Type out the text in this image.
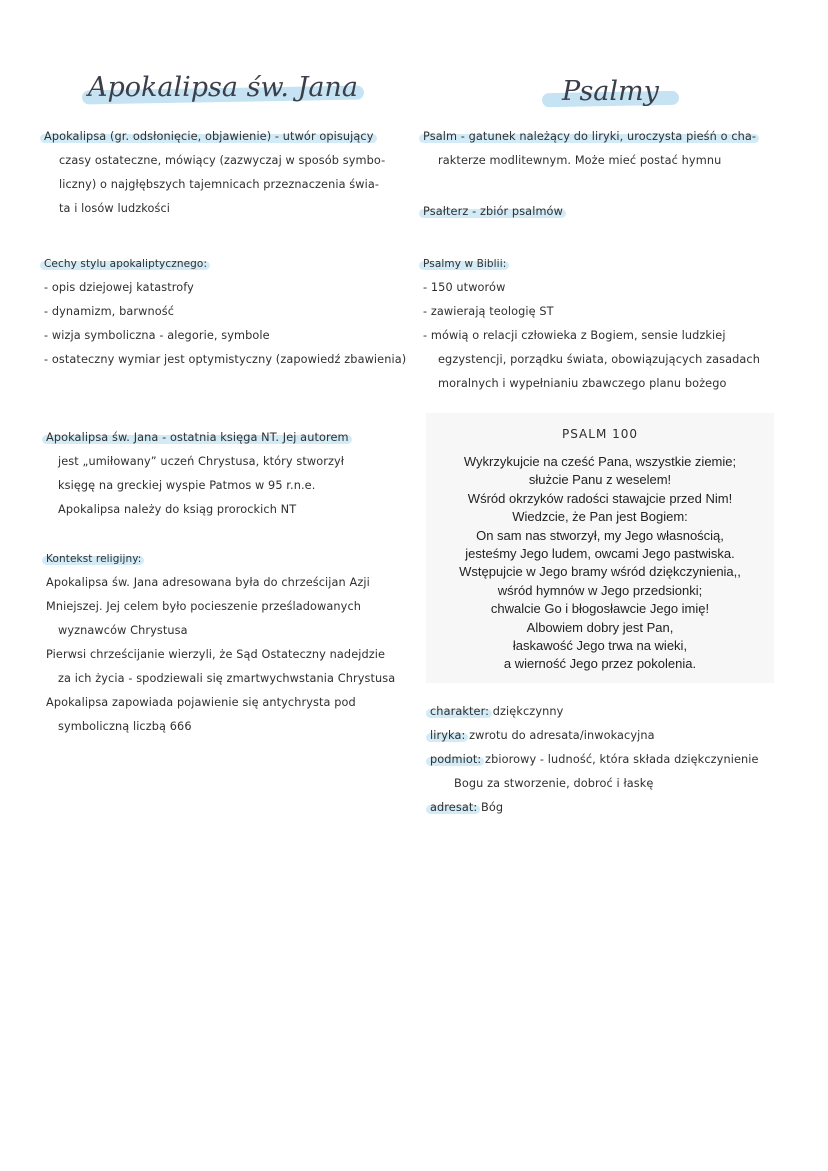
Apokalipsa św. Jana
Apokalipsa (gr. odsłonięcie, objawienie) - utwór opisujący
czasy ostateczne, mówiący (zazwyczaj w sposób symbo-
liczny) o najgłębszych tajemnicach przeznaczenia świa-
ta i losów ludzkości
Cechy stylu apokaliptycznego:
- opis dziejowej katastrofy
- dynamizm, barwność
- wizja symboliczna - alegorie, symbole
- ostateczny wymiar jest optymistyczny (zapowiedź zbawienia)
Apokalipsa św. Jana - ostatnia księga NT. Jej autorem
jest „umiłowany” uczeń Chrystusa, który stworzył
księgę na greckiej wyspie Patmos w 95 r.n.e.
Apokalipsa należy do ksiąg prorockich NT
Kontekst religijny:
Apokalipsa św. Jana adresowana była do chrześcijan Azji
Mniejszej. Jej celem było pocieszenie prześladowanych
wyznawców Chrystusa
Pierwsi chrześcijanie wierzyli, że Sąd Ostateczny nadejdzie
za ich życia - spodziewali się zmartwychwstania Chrystusa
Apokalipsa zapowiada pojawienie się antychrysta pod
symboliczną liczbą 666
Psalmy
Psalm - gatunek należący do liryki, uroczysta pieśń o cha-
rakterze modlitewnym. Może mieć postać hymnu
Psałterz - zbiór psalmów
Psalmy w Biblii:
- 150 utworów
- zawierają teologię ST
- mówią o relacji człowieka z Bogiem, sensie ludzkiej
egzystencji, porządku świata, obowiązujących zasadach
moralnych i wypełnianiu zbawczego planu bożego
PSALM 100
Wykrzykujcie na cześć Pana, wszystkie ziemie;
służcie Panu z weselem!
Wśród okrzyków radości stawajcie przed Nim!
Wiedzcie, że Pan jest Bogiem:
On sam nas stworzył, my Jego własnością,
jesteśmy Jego ludem, owcami Jego pastwiska.
Wstępujcie w Jego bramy wśród dziękczynienia,,
wśród hymnów w Jego przedsionki;
chwalcie Go i błogosławcie Jego imię!
Albowiem dobry jest Pan,
łaskawość Jego trwa na wieki,
a wierność Jego przez pokolenia.
charakter: dziękczynny
liryka: zwrotu do adresata/inwokacyjna
podmiot: zbiorowy - ludność, która składa dziękczynienie
Bogu za stworzenie, dobroć i łaskę
adresat: Bóg
